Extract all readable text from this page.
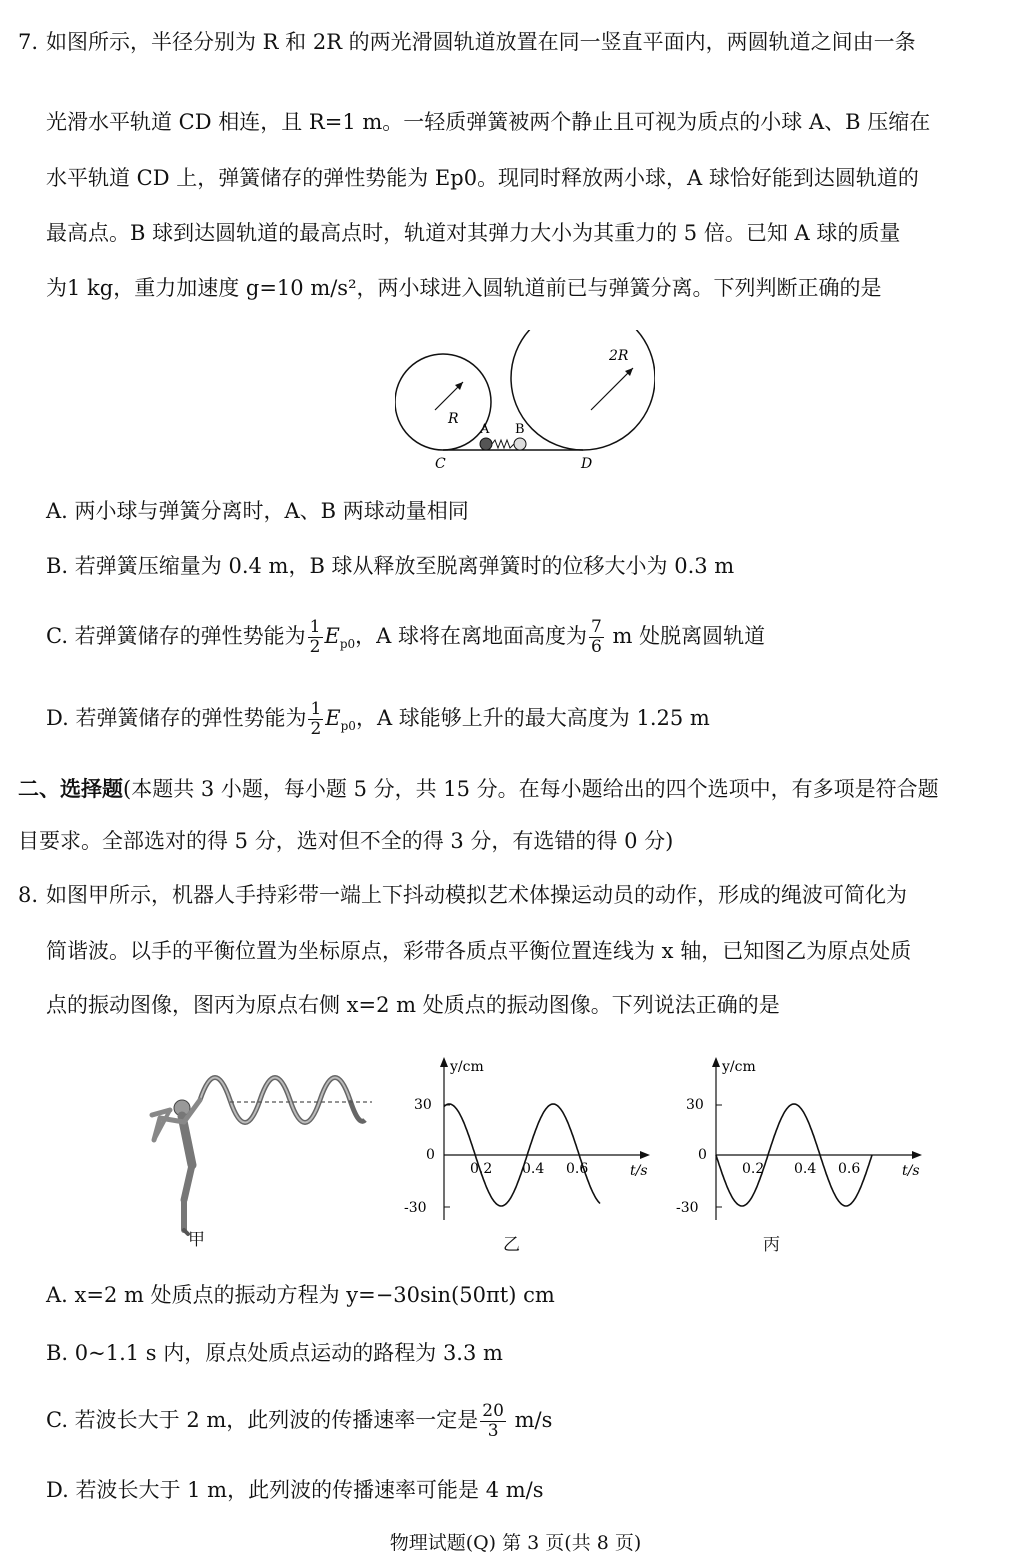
7. 如图所示，半径分别为 R 和 2R 的两光滑圆轨道放置在同一竖直平面内，两圆轨道之间由一条
光滑水平轨道 CD 相连，且 R=1 m。一轻质弹簧被两个静止且可视为质点的小球 A、B 压缩在
水平轨道 CD 上，弹簧储存的弹性势能为 Ep0。现同时释放两小球，A 球恰好能到达圆轨道的
最高点。B 球到达圆轨道的最高点时，轨道对其弹力大小为其重力的 5 倍。已知 A 球的质量
为1 kg，重力加速度 g=10 m/s²，两小球进入圆轨道前已与弹簧分离。下列判断正确的是
R
2R
A B
C	D
A. 两小球与弹簧分离时，A、B 两球动量相同
B. 若弹簧压缩量为 0.4 m，B 球从释放至脱离弹簧时的位移大小为 0.3 m
C. 若弹簧储存的弹性势能为 $\frac{1}{2} E_{p0}$，A 球将在离地面高度为 $\frac{7}{6}$ m 处脱离圆轨道
D. 若弹簧储存的弹性势能为 $\frac{1}{2} E_{p0}$，A 球能够上升的最大高度为 1.25 m
二、选择题(本题共 3 小题，每小题 5 分，共 15 分。在每小题给出的四个选项中，有多项是符合题
目要求。全部选对的得 5 分，选对但不全的得 3 分，有选错的得 0 分)
8. 如图甲所示，机器人手持彩带一端上下抖动模拟艺术体操运动员的动作，形成的绳波可简化为
简谐波。以手的平衡位置为坐标原点，彩带各质点平衡位置连线为 x 轴，已知图乙为原点处质
点的振动图像，图丙为原点右侧 x=2 m 处质点的振动图像。下列说法正确的是
甲
y/cm
t/s
30
0
-30
0.2 0.4 0.6
乙
y/cm
t/s
30
0
-30
0.2 0.4 0.6
丙
A. x=2 m 处质点的振动方程为 y=−30sin(50πt) cm
B. 0~1.1 s 内，原点处质点运动的路程为 3.3 m
C. 若波长大于 2 m，此列波的传播速率一定是 $\frac{20}{3} m/s$
D. 若波长大于 1 m，此列波的传播速率可能是 4 m/s
物理试题(Q) 第 3 页(共 8 页)
